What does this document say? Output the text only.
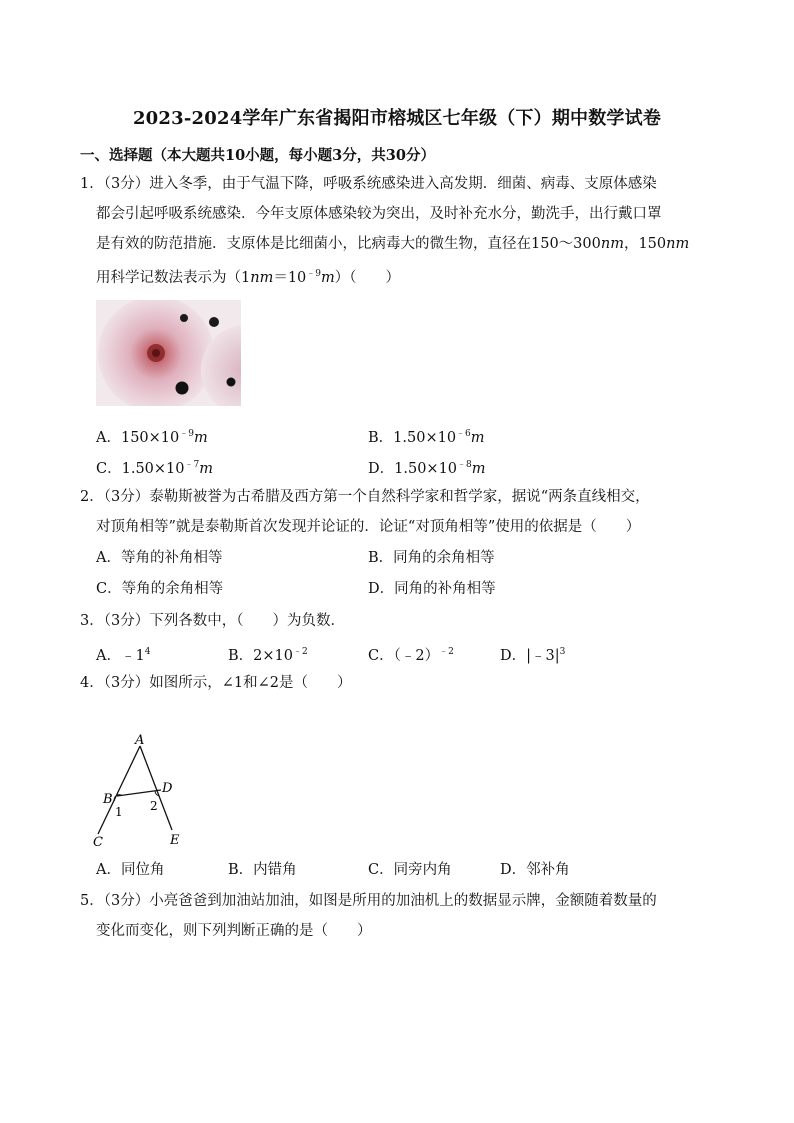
2023-2024学年广东省揭阳市榕城区七年级（下）期中数学试卷
一、选择题（本大题共10小题，每小题3分，共30分）
1．（3分）进入冬季，由于气温下降，呼吸系统感染进入高发期．细菌、病毒、支原体感染
都会引起呼吸系统感染．今年支原体感染较为突出，及时补充水分，勤洗手，出行戴口罩
是有效的防范措施．支原体是比细菌小，比病毒大的微生物，直径在150～300nm，150nm
用科学记数法表示为$(1nm=10^{﹣9}m)$（　　）
A．$150\times 10^{﹣9}m$	B．$1.50\times 10^{﹣6}m$
C．$1.50\times 10^{﹣7}m$	D．$1.50\times 10^{﹣8}m$
2．（3分）泰勒斯被誉为古希腊及西方第一个自然科学家和哲学家，据说“两条直线相交，
对顶角相等”就是泰勒斯首次发现并论证的．论证“对顶角相等”使用的依据是（　　）
A．等角的补角相等	B．同角的余角相等
C．等角的余角相等	D．同角的补角相等
3．（3分）下列各数中，（　　）为负数．
A．$﹣1^4$	B．$2\times 10^{﹣2}$	C．（﹣2）$^{﹣2}$	D．$|﹣3|^3$
4．（3分）如图所示，∠1和∠2是（　　）
A
B
C
D
E
1 2
A．同位角	B．内错角	C．同旁内角	D．邻补角
5．（3分）小亮爸爸到加油站加油，如图是所用的加油机上的数据显示牌，金额随着数量的
变化而变化，则下列判断正确的是（　　）
